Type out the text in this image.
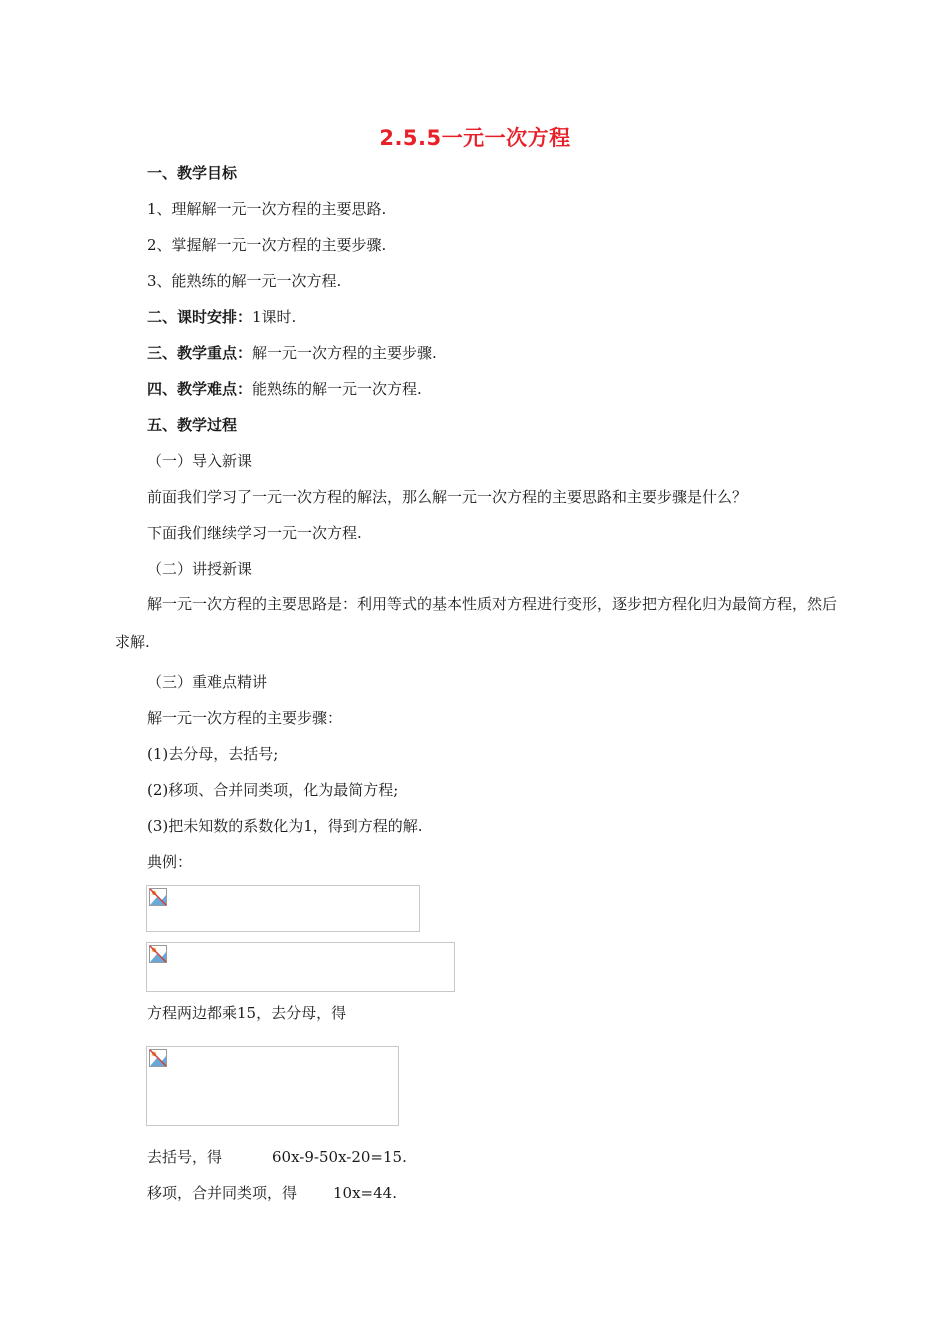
2.5.5一元一次方程
一、教学目标
1、理解解一元一次方程的主要思路.
2、掌握解一元一次方程的主要步骤.
3、能熟练的解一元一次方程.
二、课时安排：1课时.
三、教学重点：解一元一次方程的主要步骤.
四、教学难点：能熟练的解一元一次方程.
五、教学过程
（一）导入新课
前面我们学习了一元一次方程的解法，那么解一元一次方程的主要思路和主要步骤是什么？
下面我们继续学习一元一次方程.
（二）讲授新课
解一元一次方程的主要思路是：利用等式的基本性质对方程进行变形，逐步把方程化归为最简方程，然后求解.
（三）重难点精讲
解一元一次方程的主要步骤：
(1)去分母，去括号;
(2)移项、合并同类项，化为最简方程;
(3)把未知数的系数化为1，得到方程的解.
典例：
方程两边都乘15，去分母，得
去括号，得	60x-9-50x-20=15.
移项，合并同类项，得 10x=44.
